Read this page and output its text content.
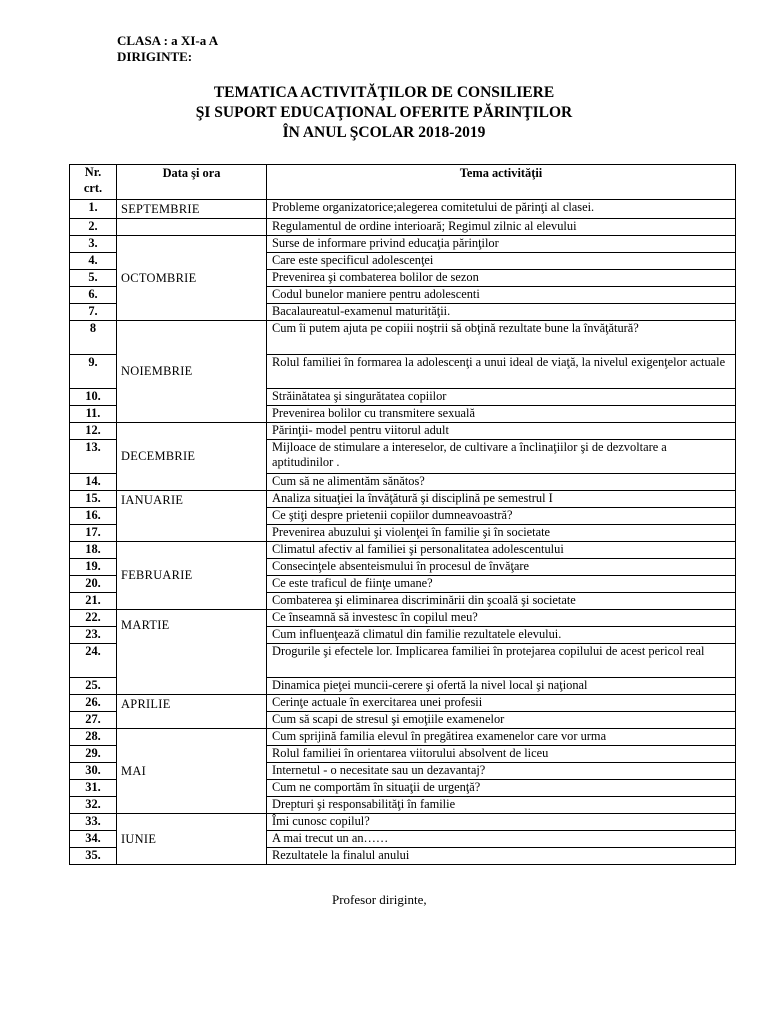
CLASA : a XI-a A
DIRIGINTE:
TEMATICA ACTIVITĂŢILOR DE CONSILIERE
ŞI SUPORT EDUCAŢIONAL OFERITE PĂRINŢILOR
ÎN ANUL ŞCOLAR 2018-2019
Nr.
crt.	Data şi ora	Tema activităţii
1.	SEPTEMBRIE	Probleme organizatorice;alegerea comitetului de părinţi al clasei.
2.		Regulamentul de ordine interioară; Regimul zilnic al elevului
3.	OCTOMBRIE	Surse de informare privind educaţia părinţilor
4.		Care este specificul adolescenţei
5.		Prevenirea şi combaterea bolilor de sezon
6.		Codul bunelor maniere pentru adolescenti
7.		Bacalaureatul-examenul maturităţii.
8	NOIEMBRIE	Cum îi putem ajuta pe copiii noştrii să obţină rezultate bune la învăţătură?
9.		Rolul familiei în formarea la adolescenţi a unui ideal de viaţă, la nivelul exigenţelor actuale
10.		Străinătatea şi singurătatea copiilor
11.		Prevenirea bolilor cu transmitere sexuală
12.	DECEMBRIE	Părinţii- model pentru viitorul adult
13.		Mijloace de stimulare a intereselor, de cultivare a înclinaţiilor şi de dezvoltare a aptitudinilor .
14.		Cum să ne alimentăm sănătos?
15.	IANUARIE	Analiza situaţiei la învăţătură şi disciplină pe semestrul I
16.		Ce ştiţi despre prietenii copiilor dumneavoastră?
17.		Prevenirea abuzului şi violenţei în familie şi în societate
18.	FEBRUARIE	Climatul afectiv al familiei şi personalitatea adolescentului
19.		Consecinţele absenteismului în procesul de învăţare
20.		Ce este traficul de fiinţe umane?
21.		Combaterea şi eliminarea discriminării din şcoală şi societate
22.	MARTIE	Ce înseamnă să investesc în copilul meu?
23.		Cum influenţează climatul din familie rezultatele elevului.
24.		Drogurile şi efectele lor. Implicarea familiei în protejarea copilului de acest pericol real
25.		Dinamica pieţei muncii-cerere şi ofertă la nivel local şi naţional
26.	APRILIE	Cerinţe actuale în exercitarea unei profesii
27.		Cum să scapi de stresul şi emoţiile examenelor
28.	MAI	Cum sprijină familia elevul în pregătirea examenelor care vor urma
29.		Rolul familiei în orientarea viitorului absolvent de liceu
30.		Internetul - o necesitate sau un dezavantaj?
31.		Cum ne comportăm în situaţii de urgenţă?
32.		Drepturi şi responsabilităţi în familie
33.	IUNIE	Îmi cunosc copilul?
34.		A mai trecut un an……
35.		Rezultatele la finalul anului
Profesor diriginte,
